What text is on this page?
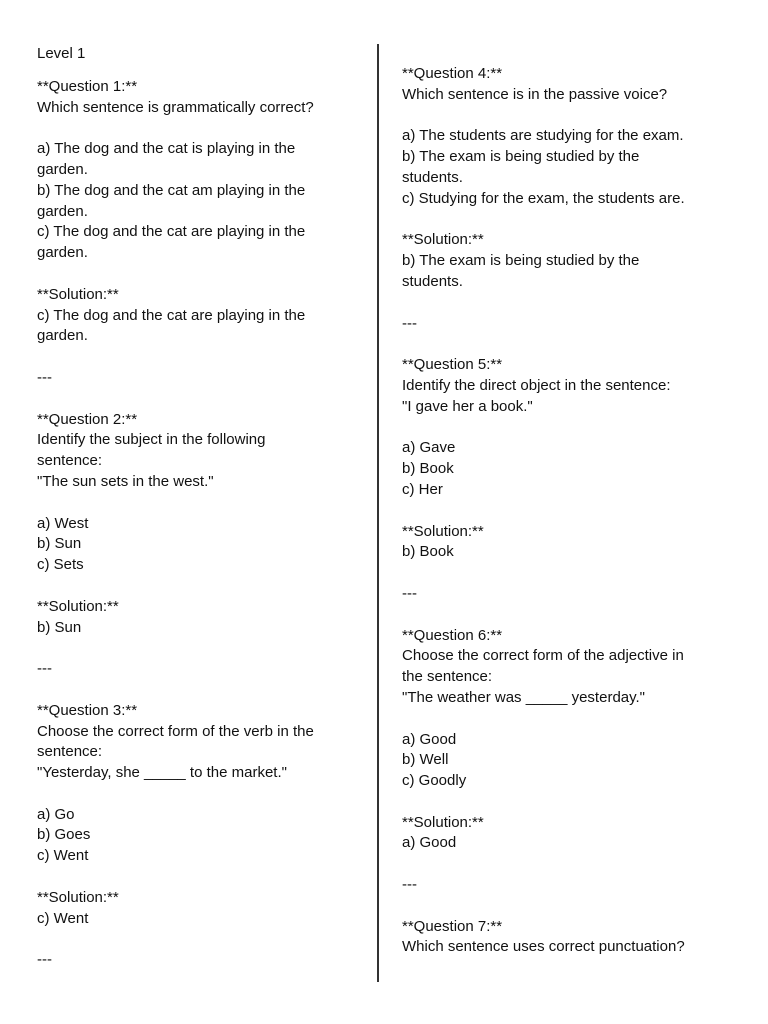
Level 1
**Question 1:**
Which sentence is grammatically correct?
a) The dog and the cat is playing in the
garden.
b) The dog and the cat am playing in the
garden.
c) The dog and the cat are playing in the
garden.
**Solution:**
c) The dog and the cat are playing in the
garden.
---
**Question 2:**
Identify the subject in the following
sentence:
"The sun sets in the west."
a) West
b) Sun
c) Sets
**Solution:**
b) Sun
---
**Question 3:**
Choose the correct form of the verb in the
sentence:
"Yesterday, she _____ to the market."
a) Go
b) Goes
c) Went
**Solution:**
c) Went
---
**Question 4:**
Which sentence is in the passive voice?
a) The students are studying for the exam.
b) The exam is being studied by the
students.
c) Studying for the exam, the students are.
**Solution:**
b) The exam is being studied by the
students.
---
**Question 5:**
Identify the direct object in the sentence:
"I gave her a book."
a) Gave
b) Book
c) Her
**Solution:**
b) Book
---
**Question 6:**
Choose the correct form of the adjective in
the sentence:
"The weather was _____ yesterday."
a) Good
b) Well
c) Goodly
**Solution:**
a) Good
---
**Question 7:**
Which sentence uses correct punctuation?
